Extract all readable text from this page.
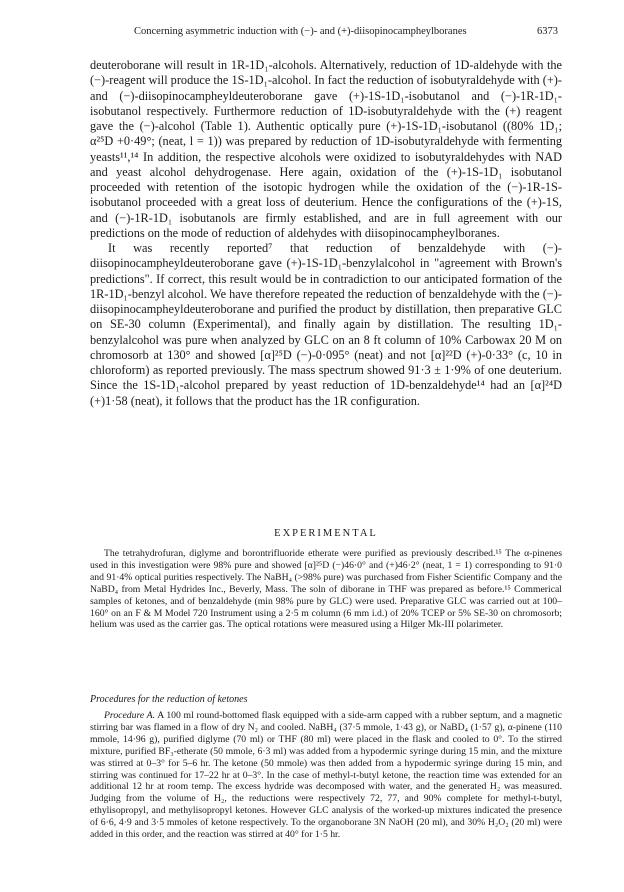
Concerning asymmetric induction with (−)- and (+)-diisopinocampheylboranes	6373

deuteroborane will result in 1R-1D₁-alcohols. Alternatively, reduction of 1D-aldehyde with the (−)-reagent will produce the 1S-1D₁-alcohol. In fact the reduction of isobutyraldehyde with (+)- and (−)-diisopinocampheyldeuteroborane gave (+)-1S-1D₁-isobutanol and (−)-1R-1D₁-isobutanol respectively. Furthermore reduction of 1D-isobutyraldehyde with the (+) reagent gave the (−)-alcohol (Table 1). Authentic optically pure (+)-1S-1D₁-isobutanol ((80% 1D₁; α²⁵D +0·49°; (neat, l = 1)) was prepared by reduction of 1D-isobutyraldehyde with fermenting yeasts¹¹,¹⁴ In addition, the respective alcohols were oxidized to isobutyraldehydes with NAD and yeast alcohol dehydrogenase. Here again, oxidation of the (+)-1S-1D₁ isobutanol proceeded with retention of the isotopic hydrogen while the oxidation of the (−)-1R-1S-isobutanol proceeded with a great loss of deuterium. Hence the configurations of the (+)-1S, and (−)-1R-1D₁ isobutanols are firmly established, and are in full agreement with our predictions on the mode of reduction of aldehydes with diisopinocampheylboranes.

It was recently reported⁷ that reduction of benzaldehyde with (−)-diisopinocampheyldeuteroborane gave (+)-1S-1D₁-benzylalcohol in "agreement with Brown's predictions". If correct, this result would be in contradiction to our anticipated formation of the 1R-1D₁-benzyl alcohol. We have therefore repeated the reduction of benzaldehyde with the (−)-diisopinocampheyldeuteroborane and purified the product by distillation, then preparative GLC on SE-30 column (Experimental), and finally again by distillation. The resulting 1D₁-benzylalcohol was pure when analyzed by GLC on an 8 ft column of 10% Carbowax 20 M on chromosorb at 130° and showed [α]²⁵D (−)-0·095° (neat) and not [α]²²D (+)-0·33° (c, 10 in chloroform) as reported previously. The mass spectrum showed 91·3 ± 1·9% of one deuterium. Since the 1S-1D₁-alcohol prepared by yeast reduction of 1D-benzaldehyde¹⁴ had an [α]²⁴D (+)1·58 (neat), it follows that the product has the 1R configuration.

EXPERIMENTAL

The tetrahydrofuran, diglyme and borontrifluoride etherate were purified as previously described.¹⁵ The α-pinenes used in this investigation were 98% pure and showed [α]²⁵D (−)46·0° and (+)46·2° (neat, 1 = 1) corresponding to 91·0 and 91·4% optical purities respectively. The NaBH₄ (>98% pure) was purchased from Fisher Scientific Company and the NaBD₄ from Metal Hydrides Inc., Beverly, Mass. The soln of diborane in THF was prepared as before.¹⁵ Commerical samples of ketones, and of benzaldehyde (min 98% pure by GLC) were used. Preparative GLC was carried out at 100–160° on an F & M Model 720 Instrument using a 2·5 m column (6 mm i.d.) of 20% TCEP or 5% SE-30 on chromosorb; helium was used as the carrier gas. The optical rotations were measured using a Hilger Mk-III polarimeter.

Procedures for the reduction of ketones

Procedure A. A 100 ml round-bottomed flask equipped with a side-arm capped with a rubber septum, and a magnetic stirring bar was flamed in a flow of dry N₂ and cooled. NaBH₄ (37·5 mmole, 1·43 g), or NaBD₄ (1·57 g), α-pinene (110 mmole, 14·96 g), purified diglyme (70 ml) or THF (80 ml) were placed in the flask and cooled to 0°. To the stirred mixture, purified BF₃-etherate (50 mmole, 6·3 ml) was added from a hypodermic syringe during 15 min, and the mixture was stirred at 0–3° for 5–6 hr. The ketone (50 mmole) was then added from a hypodermic syringe during 15 min, and stirring was continued for 17–22 hr at 0–3°. In the case of methyl-t-butyl ketone, the reaction time was extended for an additional 12 hr at room temp. The excess hydride was decomposed with water, and the generated H₂ was measured. Judging from the volume of H₂, the reductions were respectively 72, 77, and 90% complete for methyl-t-butyl, ethylisopropyl, and methylisopropyl ketones. However GLC analysis of the worked-up mixtures indicated the presence of 6·6, 4·9 and 3·5 mmoles of ketone respectively. To the organoborane 3N NaOH (20 ml), and 30% H₂O₂ (20 ml) were added in this order, and the reaction was stirred at 40° for 1·5 hr.
